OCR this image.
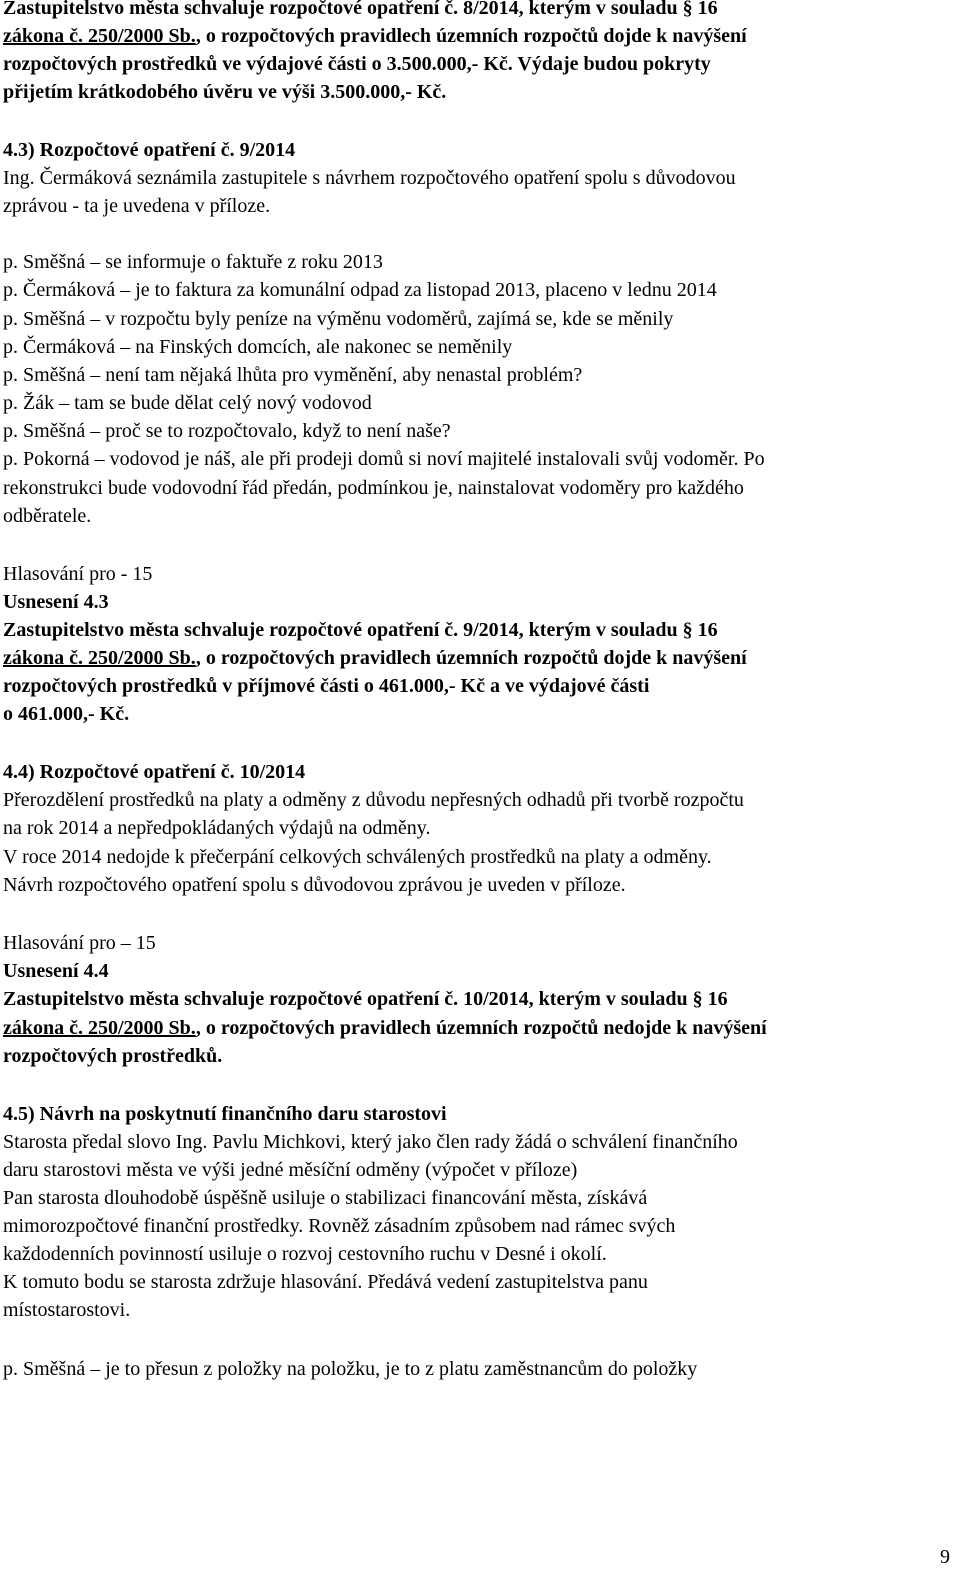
Zastupitelstvo města schvaluje rozpočtové opatření č. 8/2014, kterým v souladu § 16
zákona č. 250/2000 Sb., o rozpočtových pravidlech územních rozpočtů dojde k navýšení
rozpočtových prostředků ve výdajové části o 3.500.000,- Kč. Výdaje budou pokryty
přijetím krátkodobého úvěru ve výši 3.500.000,- Kč.
4.3) Rozpočtové opatření č. 9/2014
Ing. Čermáková seznámila zastupitele s návrhem rozpočtového opatření spolu s důvodovou
zprávou - ta je uvedena v příloze.
p. Směšná – se informuje o faktuře z roku 2013
p. Čermáková – je to faktura za komunální odpad za listopad 2013, placeno v lednu 2014
p. Směšná – v rozpočtu byly peníze na výměnu vodoměrů, zajímá se, kde se měnily
p. Čermáková – na Finských domcích, ale nakonec se neměnily
p. Směšná – není tam nějaká lhůta pro vyměnění, aby nenastal problém?
p. Žák – tam se bude dělat celý nový vodovod
p. Směšná – proč se to rozpočtovalo, když to není naše?
p. Pokorná – vodovod je náš, ale při prodeji domů si noví majitelé instalovali svůj vodoměr. Po
rekonstrukci bude vodovodní řád předán, podmínkou je, nainstalovat vodoměry pro každého
odběratele.
Hlasování pro - 15
Usnesení 4.3
Zastupitelstvo města schvaluje rozpočtové opatření č. 9/2014, kterým v souladu § 16
zákona č. 250/2000 Sb., o rozpočtových pravidlech územních rozpočtů dojde k navýšení
rozpočtových prostředků v příjmové části o 461.000,- Kč a ve výdajové části
o 461.000,- Kč.
4.4) Rozpočtové opatření č. 10/2014
Přerozdělení prostředků na platy a odměny z důvodu nepřesných odhadů při tvorbě rozpočtu
na rok 2014 a nepředpokládaných výdajů na odměny.
V roce 2014 nedojde k přečerpání celkových schválených prostředků na platy a odměny.
Návrh rozpočtového opatření spolu s důvodovou zprávou je uveden v příloze.
Hlasování pro – 15
Usnesení 4.4
Zastupitelstvo města schvaluje rozpočtové opatření č. 10/2014, kterým v souladu § 16
zákona č. 250/2000 Sb., o rozpočtových pravidlech územních rozpočtů nedojde k navýšení
rozpočtových prostředků.
4.5) Návrh na poskytnutí finančního daru starostovi
Starosta předal slovo Ing. Pavlu Michkovi, který jako člen rady žádá o schválení finančního
daru starostovi města ve výši jedné měsíční odměny (výpočet v příloze)
Pan starosta dlouhodobě úspěšně usiluje o stabilizaci financování města, získává
mimorozpočtové finanční prostředky. Rovněž zásadním způsobem nad rámec svých
každodenních povinností usiluje o rozvoj cestovního ruchu v Desné i okolí.
K tomuto bodu se starosta zdržuje hlasování. Předává vedení zastupitelstva panu
místostarostovi.
p. Směšná – je to přesun z položky na položku, je to z platu zaměstnancům do položky
9
